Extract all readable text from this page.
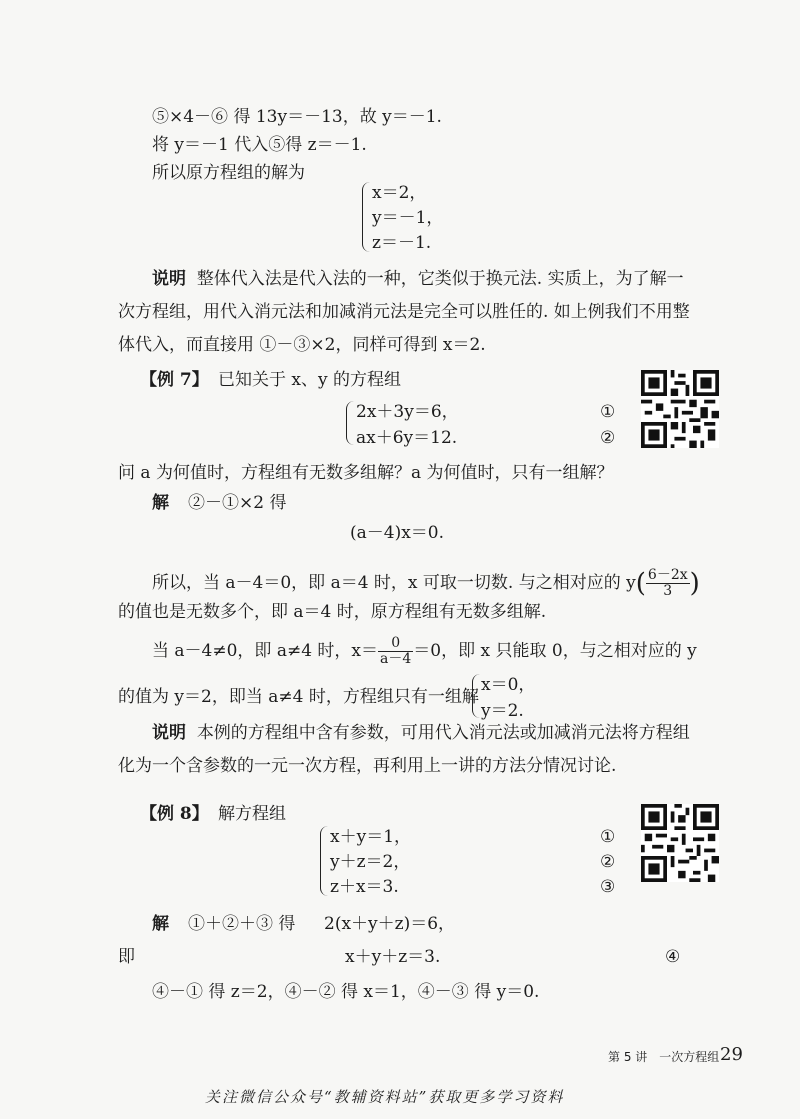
⑤×4－⑥ 得 13y＝－13，故 y＝－1.
将 y＝－1 代入⑤得 z＝－1.
所以原方程组的解为
x＝2，
y＝－1，
z＝－1.
说明 整体代入法是代入法的一种，它类似于换元法. 实质上，为了解一次方程组，用代入消元法和加减消元法是完全可以胜任的. 如上例我们不用整体代入，而直接用 ①－③×2，同样可得到 x＝2.
【例 7】 已知关于 x、y 的方程组
2x＋3y＝6，	①
ax＋6y＝12.	②
问 a 为何值时，方程组有无数多组解？a 为何值时，只有一组解？
解 ②－①×2 得
(a－4)x＝0.
所以，当 a－4＝0，即 a＝4 时，x 可取一切数. 与之相对应的 $y( \frac{6-2x}{3}$ )
的值也是无数多个，即 a＝4 时，原方程组有无数多组解.
当 a－4≠0，即 a≠4 时，$x= \frac{0}{a-4} =0$，即 x 只能取 0，与之相对应的 y
的值为 y＝2，即当 a≠4 时，方程组只有一组解
x＝0，
y＝2.
说明 本例的方程组中含有参数，可用代入消元法或加减消元法将方程组化为一个含参数的一元一次方程，再利用上一讲的方法分情况讨论.
【例 8】 解方程组
x＋y＝1，	①
y＋z＝2，	②
z＋x＝3.	③
解 ①＋②＋③ 得 2(x＋y＋z)＝6，
即	x＋y＋z＝3.	④
④－① 得 z＝2，④－② 得 x＝1，④－③ 得 y＝0.
第 5 讲　一次方程组 29
关注微信公众号“教辅资料站”获取更多学习资料
